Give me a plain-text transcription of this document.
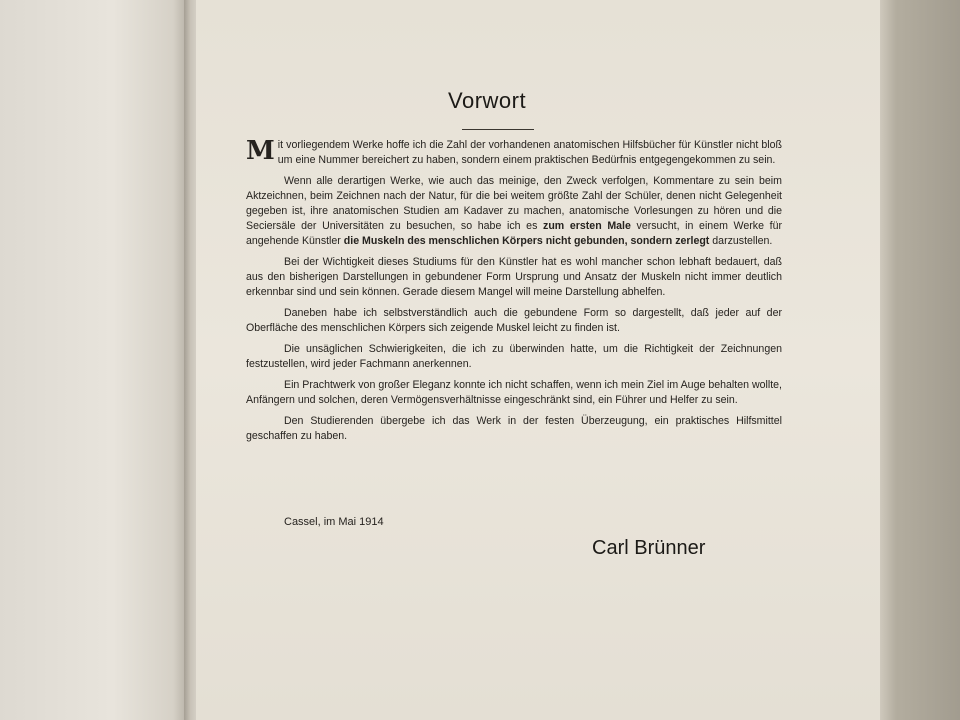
Vorwort

Mit vorliegendem Werke hoffe ich die Zahl der vorhandenen anatomischen Hilfsbücher für Künstler nicht bloß um eine Nummer bereichert zu haben, sondern einem praktischen Bedürfnis entgegengekommen zu sein.

Wenn alle derartigen Werke, wie auch das meinige, den Zweck verfolgen, Kommentare zu sein beim Aktzeichnen, beim Zeichnen nach der Natur, für die bei weitem größte Zahl der Schüler, denen nicht Gelegenheit gegeben ist, ihre anatomischen Studien am Kadaver zu machen, anatomische Vorlesungen zu hören und die Seciersäle der Universitäten zu besuchen, so habe ich es zum ersten Male versucht, in einem Werke für angehende Künstler die Muskeln des menschlichen Körpers nicht gebunden, sondern zerlegt darzustellen.

Bei der Wichtigkeit dieses Studiums für den Künstler hat es wohl mancher schon lebhaft bedauert, daß aus den bisherigen Darstellungen in gebundener Form Ursprung und Ansatz der Muskeln nicht immer deutlich erkennbar sind und sein können. Gerade diesem Mangel will meine Darstellung abhelfen.

Daneben habe ich selbstverständlich auch die gebundene Form so dargestellt, daß jeder auf der Oberfläche des menschlichen Körpers sich zeigende Muskel leicht zu finden ist.

Die unsäglichen Schwierigkeiten, die ich zu überwinden hatte, um die Richtigkeit der Zeichnungen festzustellen, wird jeder Fachmann anerkennen.

Ein Prachtwerk von großer Eleganz konnte ich nicht schaffen, wenn ich mein Ziel im Auge behalten wollte, Anfängern und solchen, deren Vermögensverhältnisse eingeschränkt sind, ein Führer und Helfer zu sein.

Den Studierenden übergebe ich das Werk in der festen Überzeugung, ein praktisches Hilfsmittel geschaffen zu haben.

Cassel, im Mai 1914
Carl Brünner
